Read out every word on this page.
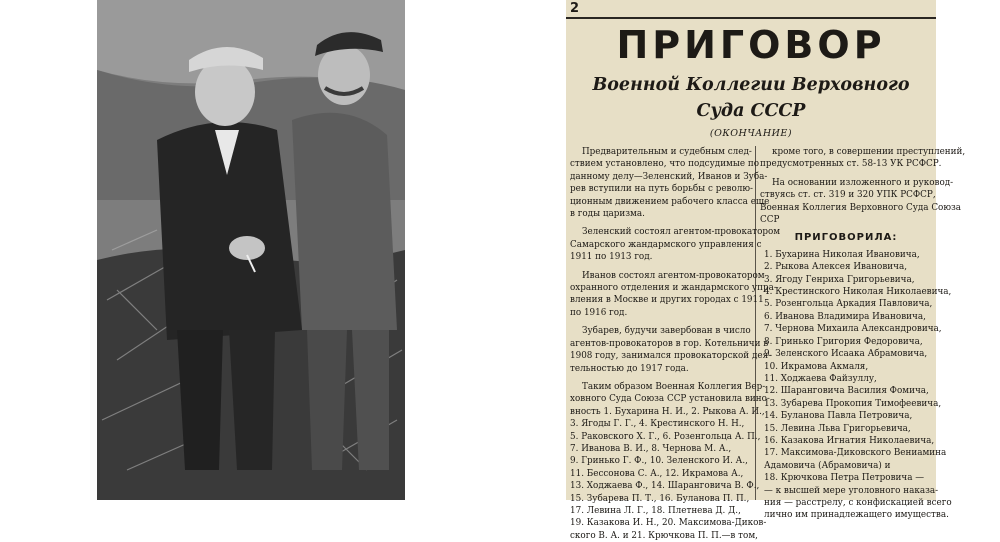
2
ПРИГОВОР
Военной Коллегии Верховного
Суда СССР
(ОКОНЧАНИЕ)
Предварительным и судебным след-
ствием установлено, что подсудимые по
данному делу—Зеленский, Иванов и Зуба-
рев вступили на путь борьбы с револю-
ционным движением рабочего класса еще
в годы царизма.
Зеленский состоял агентом-провокатором
Самарского жандармского управления с
1911 по 1913 год.
Иванов состоял агентом-провокатором
охранного отделения и жандармского упра-
вления в Москве и других городах с 1911
по 1916 год.
Зубарев, будучи завербован в число
агентов-провокаторов в гор. Котельничи в
1908 году, занимался провокаторской дея-
тельностью до 1917 года.
Таким образом Военная Коллегия Вер-
ховного Суда Союза ССР установила вино-
вность 1. Бухарина Н. И., 2. Рыкова А. И.,
3. Ягоды Г. Г., 4. Крестинского Н. Н.,
5. Раковского Х. Г., 6. Розенгольца А. П.,
7. Иванова В. И., 8. Чернова М. А.,
9. Гринько Г. Ф., 10. Зеленского И. А.,
11. Бессонова С. А., 12. Икрамова А.,
13. Ходжаева Ф., 14. Шаранговича В. Ф.,
15. Зубарева П. Т., 16. Буланова П. П.,
17. Левина Л. Г., 18. Плетнева Д. Д.,
19. Казакова И. Н., 20. Максимова-Диков-
ского В. А. и 21. Крючкова П. П.—в том,
кроме того, в совершении преступлений,
предусмотренных ст. 58-13 УК РСФСР.
На основании изложенного и руковод-
ствуясь ст. ст. 319 и 320 УПК РСФСР,
Военная Коллегия Верховного Суда Союза
ССР
ПРИГОВОРИЛА:
1. Бухарина Николая Ивановича,
2. Рыкова Алексея Ивановича,
3. Ягоду Генриха Григорьевича,
4. Крестинского Николая Николаевича,
5. Розенгольца Аркадия Павловича,
6. Иванова Владимира Ивановича,
7. Чернова Михаила Александровича,
8. Гринько Григория Федоровича,
9. Зеленского Исаака Абрамовича,
10. Икрамова Акмаля,
11. Ходжаева Файзуллу,
12. Шаранговича Василия Фомича,
13. Зубарева Прокопия Тимофеевича,
14. Буланова Павла Петровича,
15. Левина Льва Григорьевича,
16. Казакова Игнатия Николаевича,
17. Максимова-Диковского Вениамина
Адамовича (Абрамовича) и
18. Крючкова Петра Петровича —
— к высшей мере уголовного наказа-
ния — расстрелу, с конфискацией всего
лично им принадлежащего имущества.
